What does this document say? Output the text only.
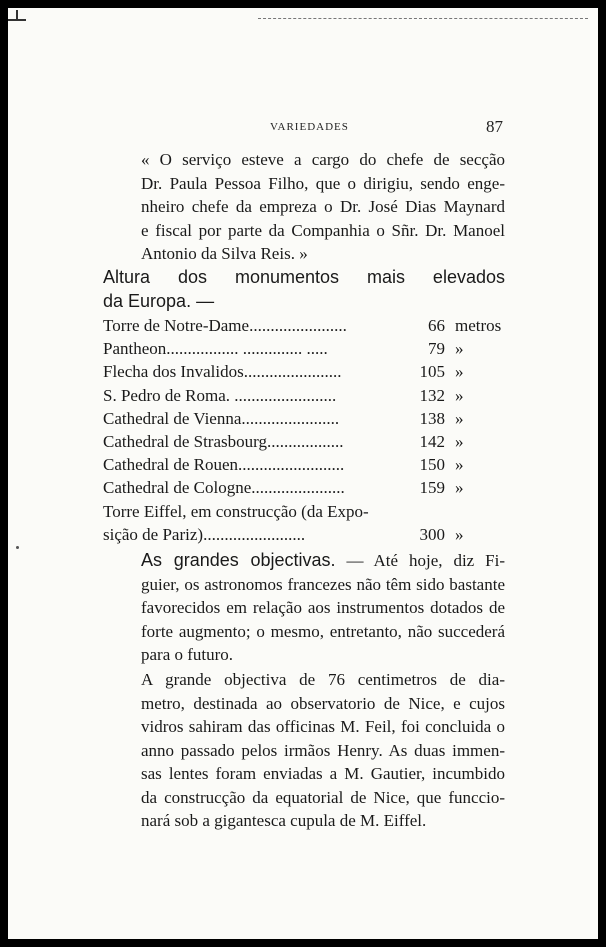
VARIEDADES	87
« O serviço esteve a cargo do chefe de secção
Dr. Paula Pessoa Filho, que o dirigiu, sendo enge-
nheiro chefe da empreza o Dr. José Dias Maynard
e fiscal por parte da Companhia o Sñr. Dr. Manoel
Antonio da Silva Reis. »
Altura dos monumentos mais elevados
da Europa. —
Torre de Notre-Dame.......................	66 metros
Pantheon................. .............. .....	79 »
Flecha dos Invalidos.......................	105 »
S. Pedro de Roma. ........................	132 »
Cathedral de Vienna.......................	138 »
Cathedral de Strasbourg..................	142 »
Cathedral de Rouen.........................	150 »
Cathedral de Cologne......................	159 »
Torre Eiffel, em construcção (da Expo-
sição de Pariz)........................	300 »
As grandes objectivas. — Até hoje, diz Fi-
guier, os astronomos francezes não têm sido bastante
favorecidos em relação aos instrumentos dotados de
forte augmento; o mesmo, entretanto, não succederá
para o futuro.
A grande objectiva de 76 centimetros de dia-
metro, destinada ao observatorio de Nice, e cujos
vidros sahiram das officinas M. Feil, foi concluida o
anno passado pelos irmãos Henry. As duas immen-
sas lentes foram enviadas a M. Gautier, incumbido
da construcção da equatorial de Nice, que funccio-
nará sob a gigantesca cupula de M. Eiffel.
